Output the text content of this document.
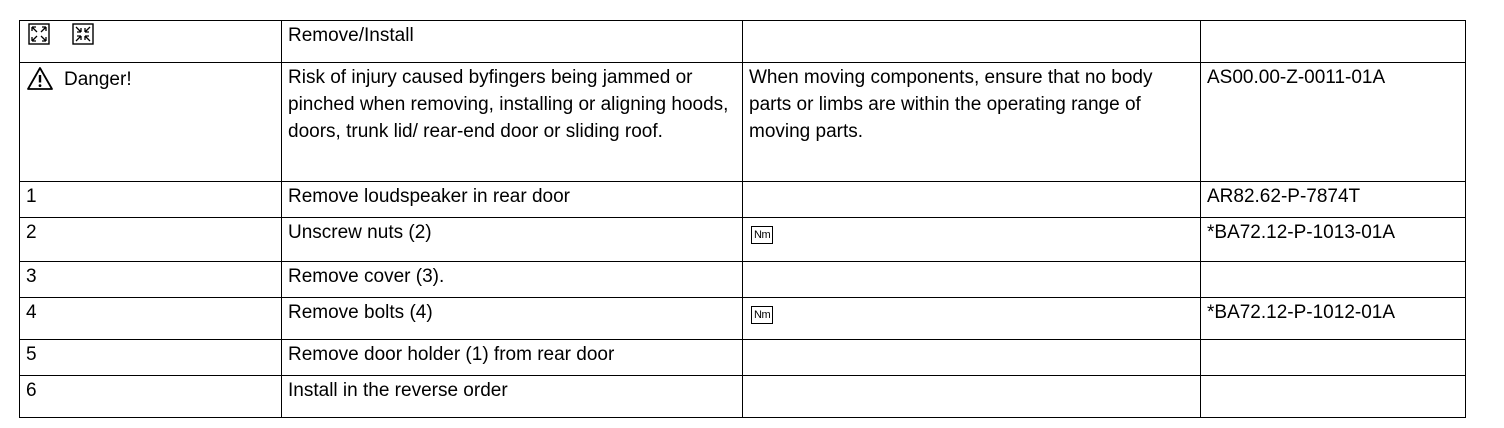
	Remove/Install		

Danger!	Risk of injury caused byfingers being jammed or pinched when removing, installing or aligning hoods, doors, trunk lid/ rear-end door or sliding roof.	When moving components, ensure that no body parts or limbs are within the operating range of moving parts.	AS00.00-Z-0011-01A
1	Remove loudspeaker in rear door		AR82.62-P-7874T
2	Unscrew nuts (2)	Nm	*BA72.12-P-1013-01A
3	Remove cover (3).		
4	Remove bolts (4)	Nm	*BA72.12-P-1012-01A
5	Remove door holder (1) from rear door		
6	Install in the reverse order		
